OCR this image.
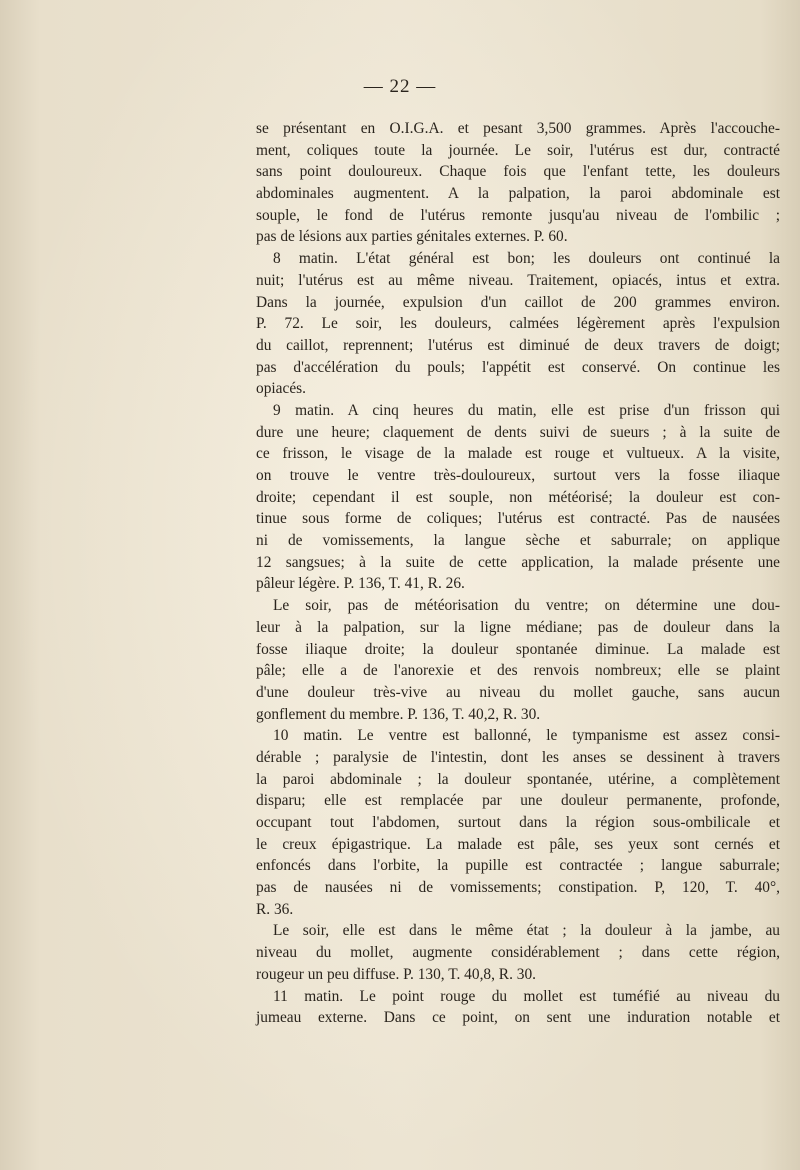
— 22 —
se présentant en O.I.G.A. et pesant 3,500 grammes. Après l'accouche-
ment, coliques toute la journée. Le soir, l'utérus est dur, contracté
sans point douloureux. Chaque fois que l'enfant tette, les douleurs
abdominales augmentent. A la palpation, la paroi abdominale est
souple, le fond de l'utérus remonte jusqu'au niveau de l'ombilic ;
pas de lésions aux parties génitales externes. P. 60.
8 matin. L'état général est bon; les douleurs ont continué la
nuit; l'utérus est au même niveau. Traitement, opiacés, intus et extra.
Dans la journée, expulsion d'un caillot de 200 grammes environ.
P. 72. Le soir, les douleurs, calmées légèrement après l'expulsion
du caillot, reprennent; l'utérus est diminué de deux travers de doigt;
pas d'accélération du pouls; l'appétit est conservé. On continue les
opiacés.
9 matin. A cinq heures du matin, elle est prise d'un frisson qui
dure une heure; claquement de dents suivi de sueurs ; à la suite de
ce frisson, le visage de la malade est rouge et vultueux. A la visite,
on trouve le ventre très-douloureux, surtout vers la fosse iliaque
droite; cependant il est souple, non météorisé; la douleur est con-
tinue sous forme de coliques; l'utérus est contracté. Pas de nausées
ni de vomissements, la langue sèche et saburrale; on applique
12 sangsues; à la suite de cette application, la malade présente une
pâleur légère. P. 136, T. 41, R. 26.
Le soir, pas de météorisation du ventre; on détermine une dou-
leur à la palpation, sur la ligne médiane; pas de douleur dans la
fosse iliaque droite; la douleur spontanée diminue. La malade est
pâle; elle a de l'anorexie et des renvois nombreux; elle se plaint
d'une douleur très-vive au niveau du mollet gauche, sans aucun
gonflement du membre. P. 136, T. 40,2, R. 30.
10 matin. Le ventre est ballonné, le tympanisme est assez consi-
dérable ; paralysie de l'intestin, dont les anses se dessinent à travers
la paroi abdominale ; la douleur spontanée, utérine, a complètement
disparu; elle est remplacée par une douleur permanente, profonde,
occupant tout l'abdomen, surtout dans la région sous-ombilicale et
le creux épigastrique. La malade est pâle, ses yeux sont cernés et
enfoncés dans l'orbite, la pupille est contractée ; langue saburrale;
pas de nausées ni de vomissements; constipation. P, 120, T. 40°,
R. 36.
Le soir, elle est dans le même état ; la douleur à la jambe, au
niveau du mollet, augmente considérablement ; dans cette région,
rougeur un peu diffuse. P. 130, T. 40,8, R. 30.
11 matin. Le point rouge du mollet est tuméfié au niveau du
jumeau externe. Dans ce point, on sent une induration notable et
